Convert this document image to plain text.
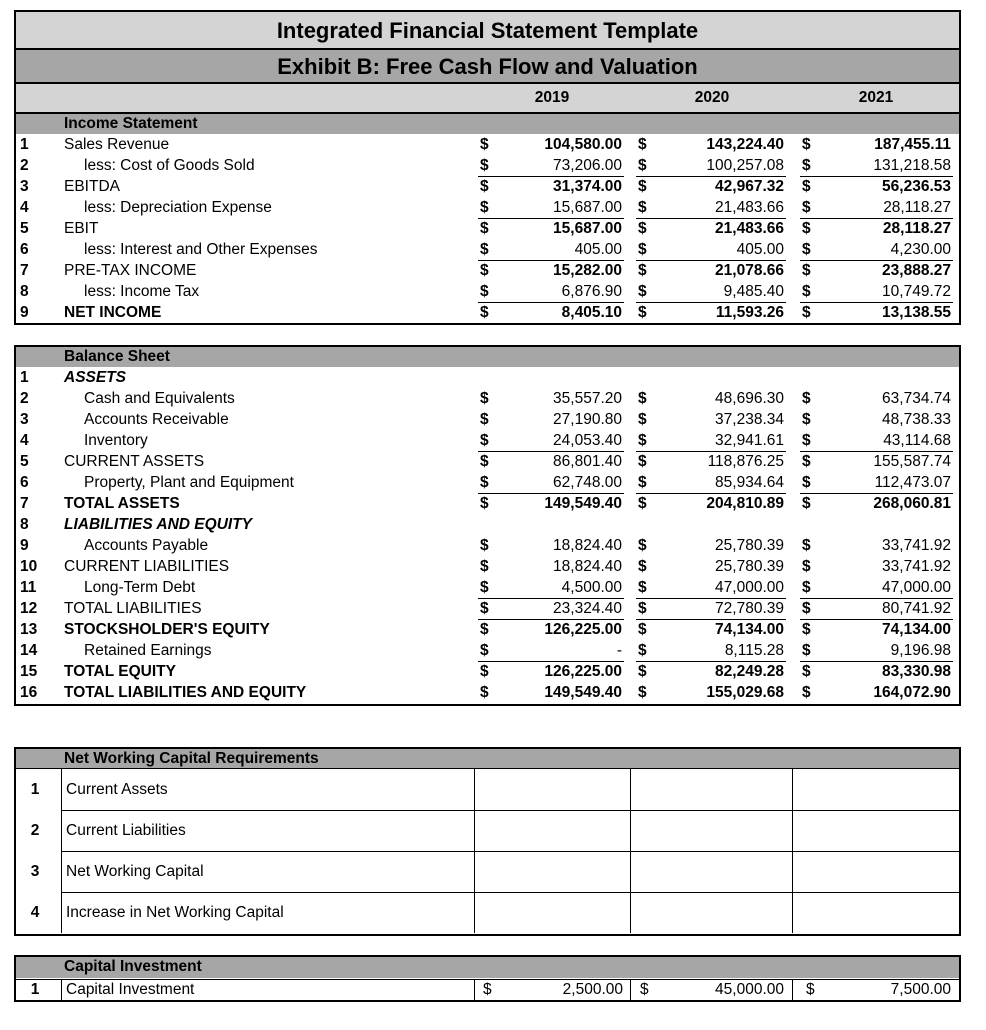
Integrated Financial Statement Template
Exhibit B: Free Cash Flow and Valuation
2019	2020	2021
Income Statement
1 Sales Revenue	$	104,580.00 $	143,224.40 $	187,455.11
2	less: Cost of Goods Sold	$	73,206.00 $	100,257.08 $	131,218.58
3 EBITDA	$	31,374.00 $	42,967.32 $	56,236.53
4	less: Depreciation Expense	$	15,687.00 $	21,483.66 $	28,118.27
5 EBIT	$	15,687.00 $	21,483.66 $	28,118.27
6	less: Interest and Other Expenses	$	405.00 $	405.00 $	4,230.00
7 PRE-TAX INCOME	$	15,282.00 $	21,078.66 $	23,888.27
8	less: Income Tax	$	6,876.90 $	9,485.40 $	10,749.72
9 NET INCOME	$	8,405.10 $	11,593.26 $	13,138.55
Balance Sheet
1 ASSETS
2	Cash and Equivalents	$	35,557.20 $	48,696.30 $	63,734.74
3	Accounts Receivable	$	27,190.80 $	37,238.34 $	48,738.33
4	Inventory	$	24,053.40 $	32,941.61 $	43,114.68
5 CURRENT ASSETS	$	86,801.40 $	118,876.25 $	155,587.74
6	Property, Plant and Equipment	$	62,748.00 $	85,934.64 $	112,473.07
7 TOTAL ASSETS	$	149,549.40 $	204,810.89 $	268,060.81
8 LIABILITIES AND EQUITY
9	Accounts Payable	$	18,824.40 $	25,780.39 $	33,741.92
10 CURRENT LIABILITIES	$	18,824.40 $	25,780.39 $	33,741.92
11	Long-Term Debt	$	4,500.00 $	47,000.00 $	47,000.00
12 TOTAL LIABILITIES	$	23,324.40 $	72,780.39 $	80,741.92
13 STOCKSHOLDER'S EQUITY	$	126,225.00 $	74,134.00 $	74,134.00
14	Retained Earnings	$	- $	8,115.28 $	9,196.98
15 TOTAL EQUITY	$	126,225.00 $	82,249.28 $	83,330.98
16 TOTAL LIABILITIES AND EQUITY	$	149,549.40 $	155,029.68 $	164,072.90
Net Working Capital Requirements
1	Current Assets
2	Current Liabilities
3	Net Working Capital
4	Increase in Net Working Capital
Capital Investment
1	Capital Investment	$	2,500.00 $	45,000.00 $	7,500.00
